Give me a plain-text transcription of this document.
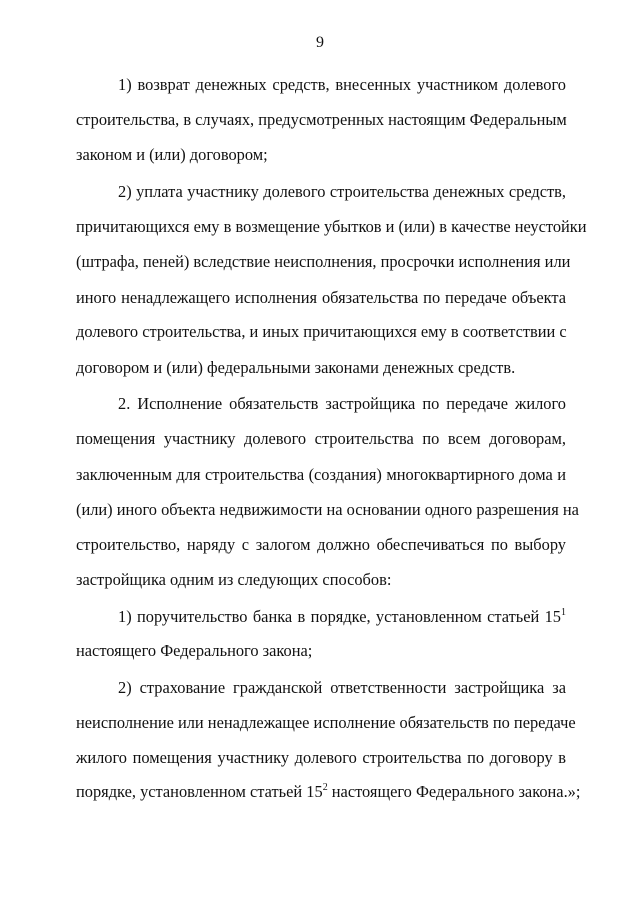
9
1) возврат денежных средств, внесенных участником долевого
строительства, в случаях, предусмотренных настоящим Федеральным
законом и (или) договором;
2) уплата участнику долевого строительства денежных средств,
причитающихся ему в возмещение убытков и (или) в качестве неустойки
(штрафа, пеней) вследствие неисполнения, просрочки исполнения или
иного ненадлежащего исполнения обязательства по передаче объекта
долевого строительства, и иных причитающихся ему в соответствии с
договором и (или) федеральными законами денежных средств.
2. Исполнение обязательств застройщика по передаче жилого
помещения участнику долевого строительства по всем договорам,
заключенным для строительства (создания) многоквартирного дома и
(или) иного объекта недвижимости на основании одного разрешения на
строительство, наряду с залогом должно обеспечиваться по выбору
застройщика одним из следующих способов:
1) поручительство банка в порядке, установленном статьей $15^1$
настоящего Федерального закона;
2) страхование гражданской ответственности застройщика за
неисполнение или ненадлежащее исполнение обязательств по передаче
жилого помещения участнику долевого строительства по договору в
порядке, установленном статьей $15^2$ настоящего Федерального закона.»;
